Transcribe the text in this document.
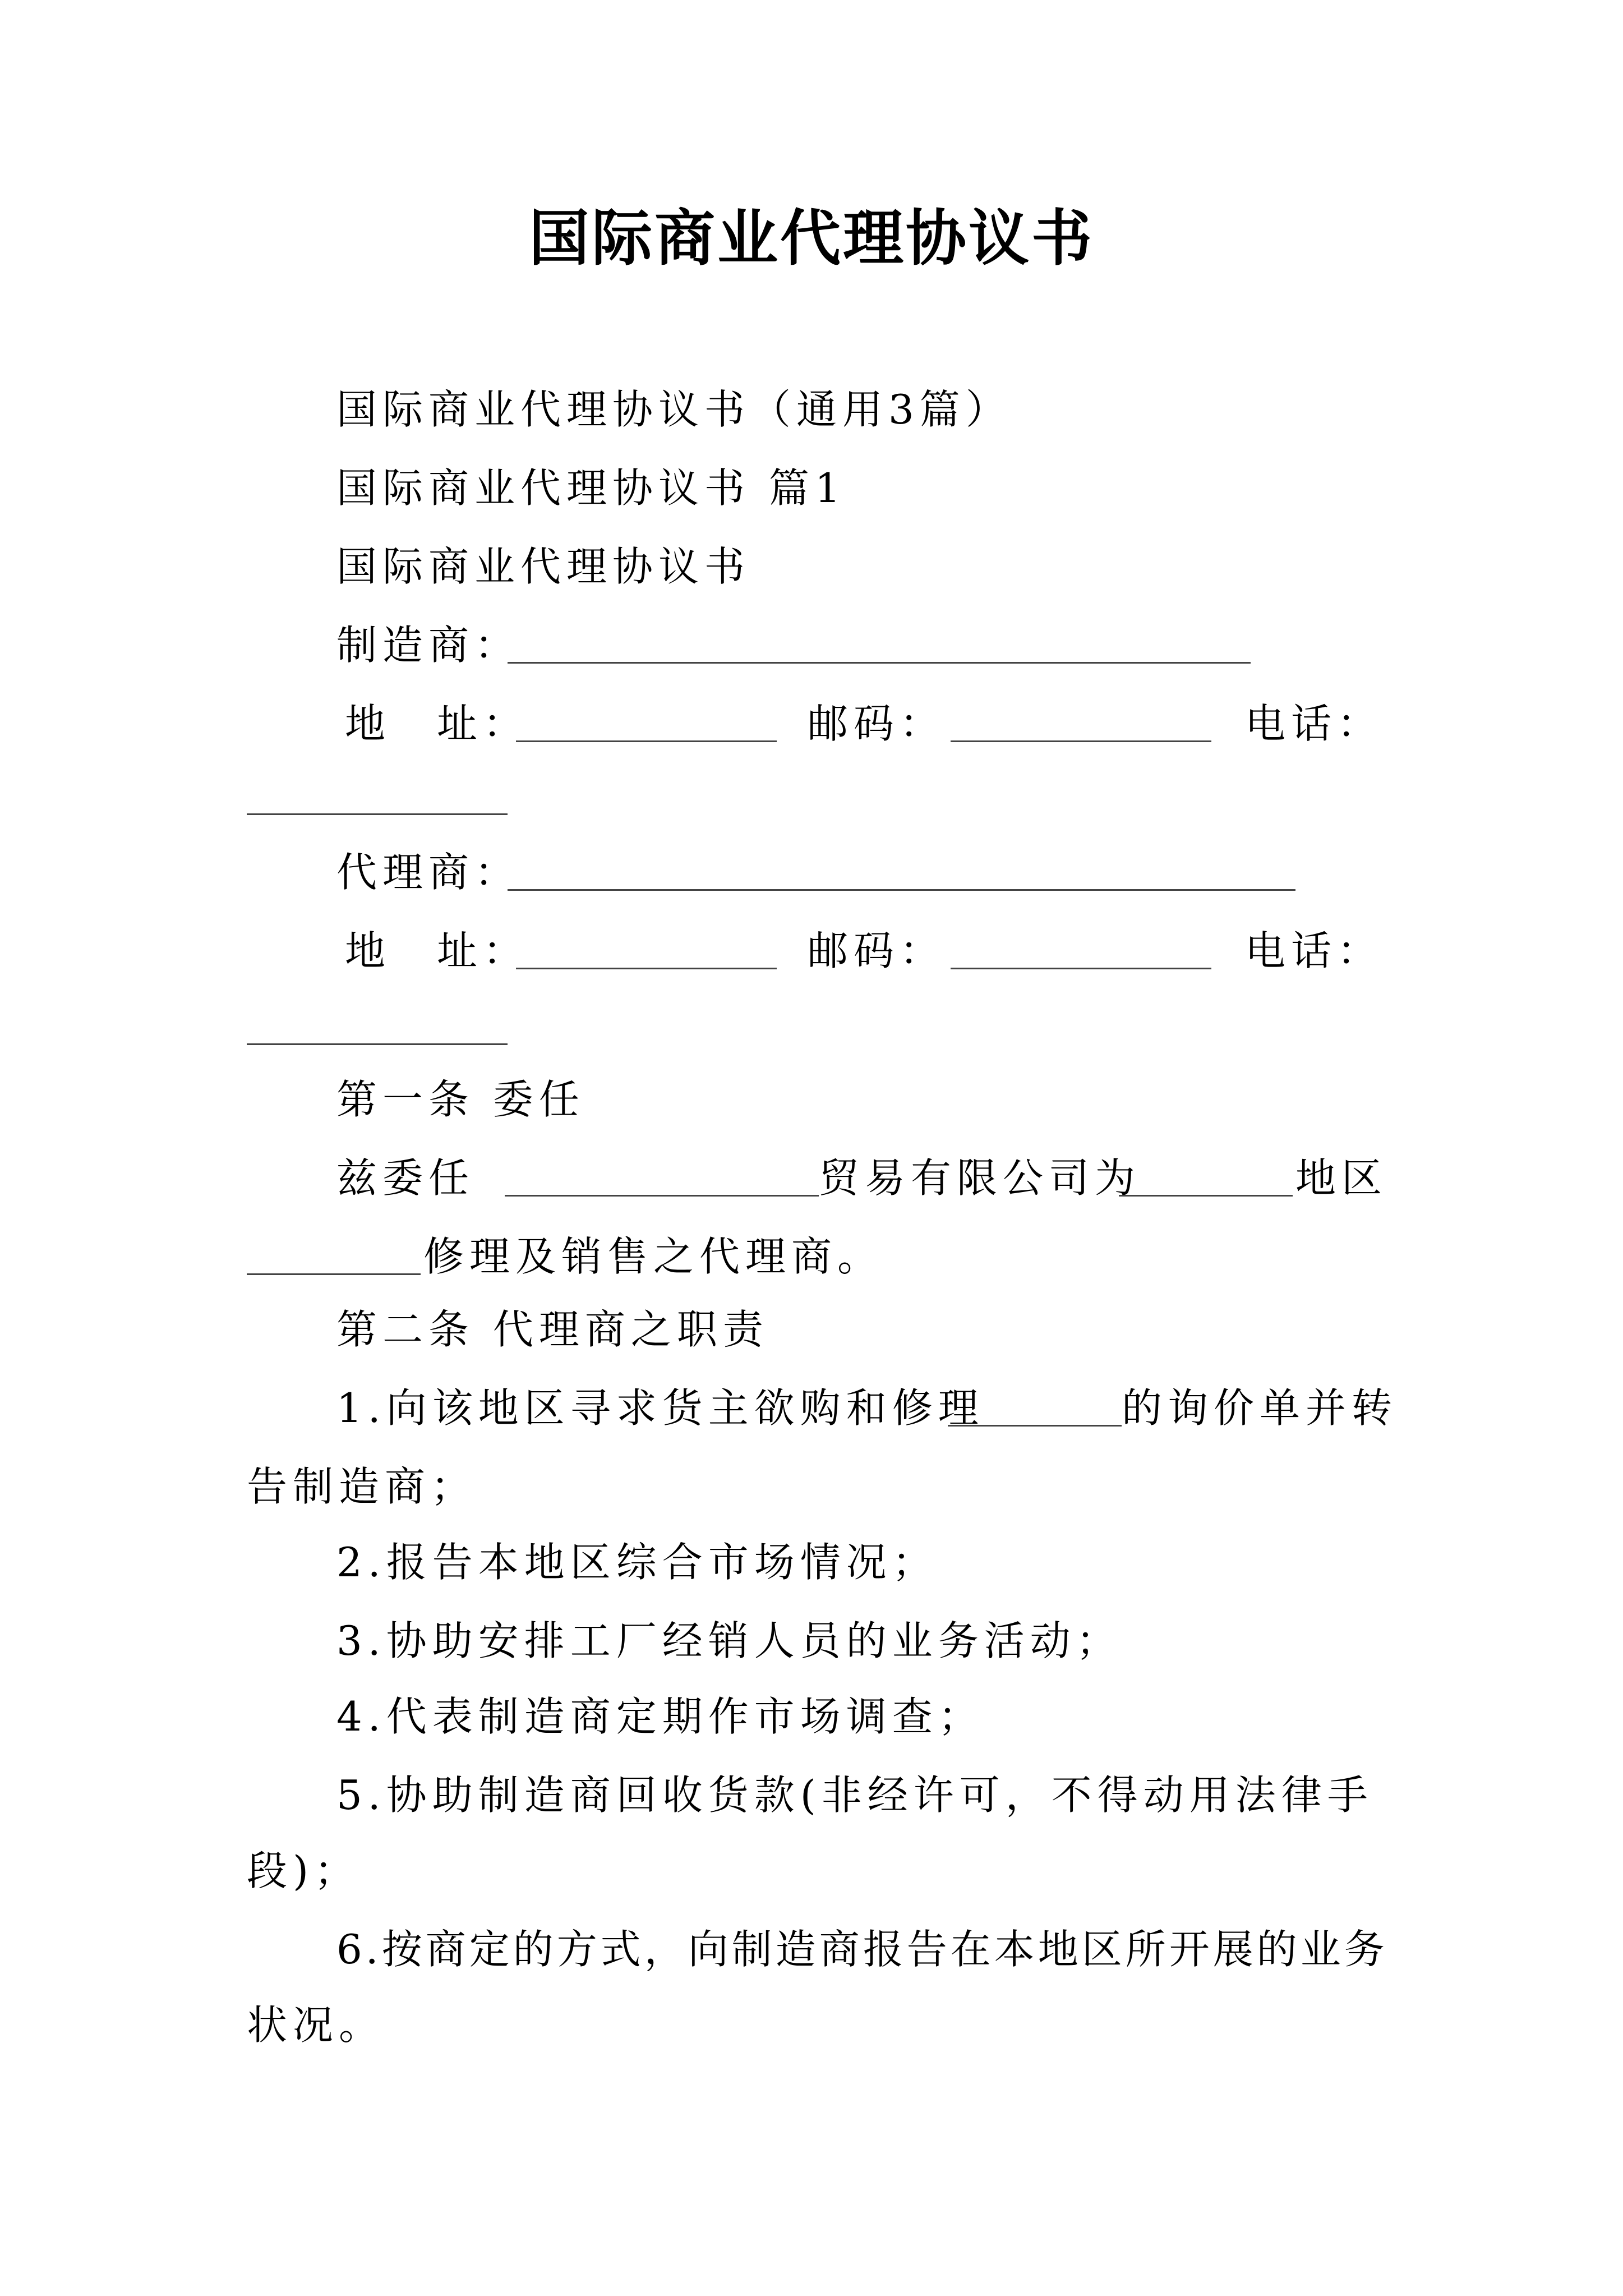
国际商业代理协议书
国际商业代理协议书（通用3篇）
国际商业代理协议书 篇1
国际商业代理协议书
制造商：
地　址：	邮码：	电话：
代理商：
地　址：	邮码：	电话：
第一条 委任
兹委任	贸易有限公司为	地区
修理及销售之代理商。
第二条 代理商之职责
1.向该地区寻求货主欲购和修理	的询价单并转
告制造商；
2.报告本地区综合市场情况；
3.协助安排工厂经销人员的业务活动；
4.代表制造商定期作市场调查；
5.协助制造商回收货款(非经许可，不得动用法律手
段)；
6.按商定的方式，向制造商报告在本地区所开展的业务
状况。
